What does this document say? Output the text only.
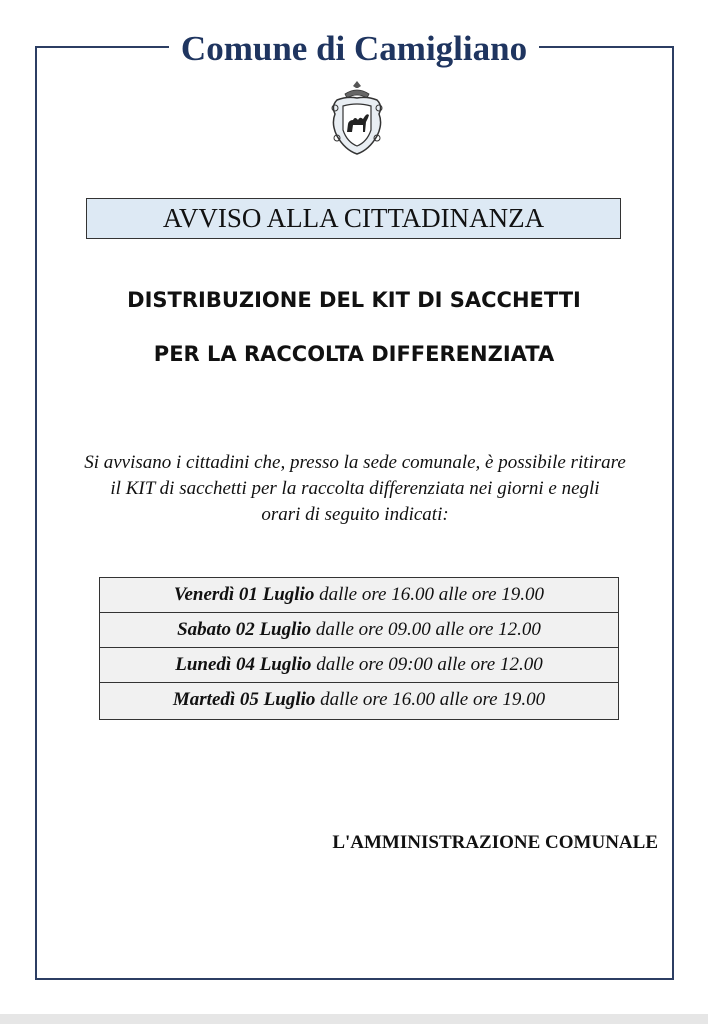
Comune di Camigliano
AVVISO ALLA CITTADINANZA
DISTRIBUZIONE DEL KIT DI SACCHETTI
PER LA RACCOLTA DIFFERENZIATA
Si avvisano i cittadini che, presso la sede comunale, è possibile ritirare
il KIT di sacchetti per la raccolta differenziata nei giorni e negli
orari di seguito indicati:
Venerdì 01 Luglio dalle ore 16.00 alle ore 19.00
Sabato 02 Luglio dalle ore 09.00 alle ore 12.00
Lunedì 04 Luglio dalle ore 09:00 alle ore 12.00
Martedì 05 Luglio dalle ore 16.00 alle ore 19.00
L'AMMINISTRAZIONE COMUNALE
